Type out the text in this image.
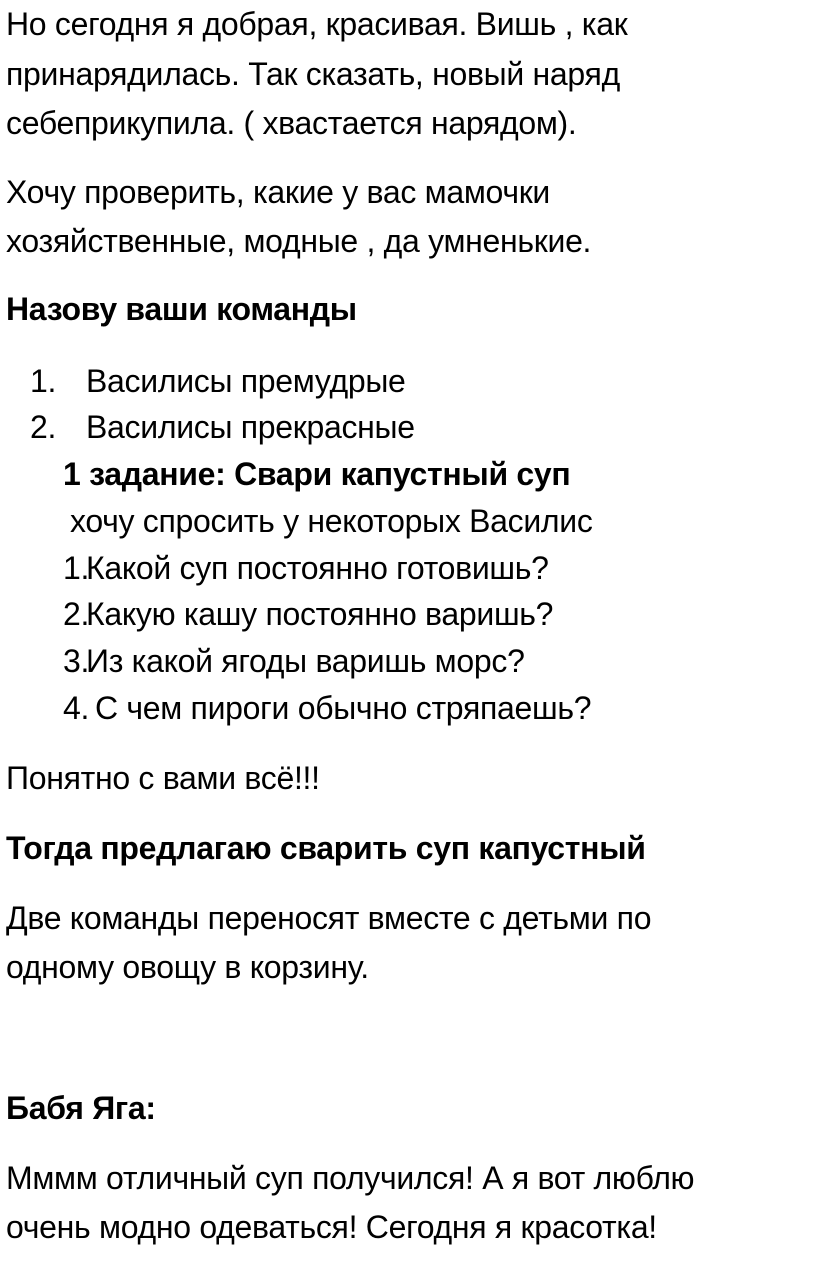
Но сегодня я добрая, красивая. Вишь , как
принарядилась. Так сказать, новый наряд
себеприкупила. ( хвастается нарядом).
Хочу проверить, какие у вас мамочки
хозяйственные, модные , да умненькие.
Назову ваши команды
1. Василисы премудрые
2. Василисы прекрасные
1 задание: Свари капустный суп
хочу спросить у некоторых Василис
1.Какой суп постоянно готовишь?
2.Какую кашу постоянно варишь?
3.Из какой ягоды варишь морс?
4. С чем пироги обычно стряпаешь?
Понятно с вами всё!!!
Тогда предлагаю сварить суп капустный
Две команды переносят вместе с детьми по
одному овощу в корзину.
Бабя Яга:
Мммм отличный суп получился! А я вот люблю
очень модно одеваться! Сегодня я красотка!
